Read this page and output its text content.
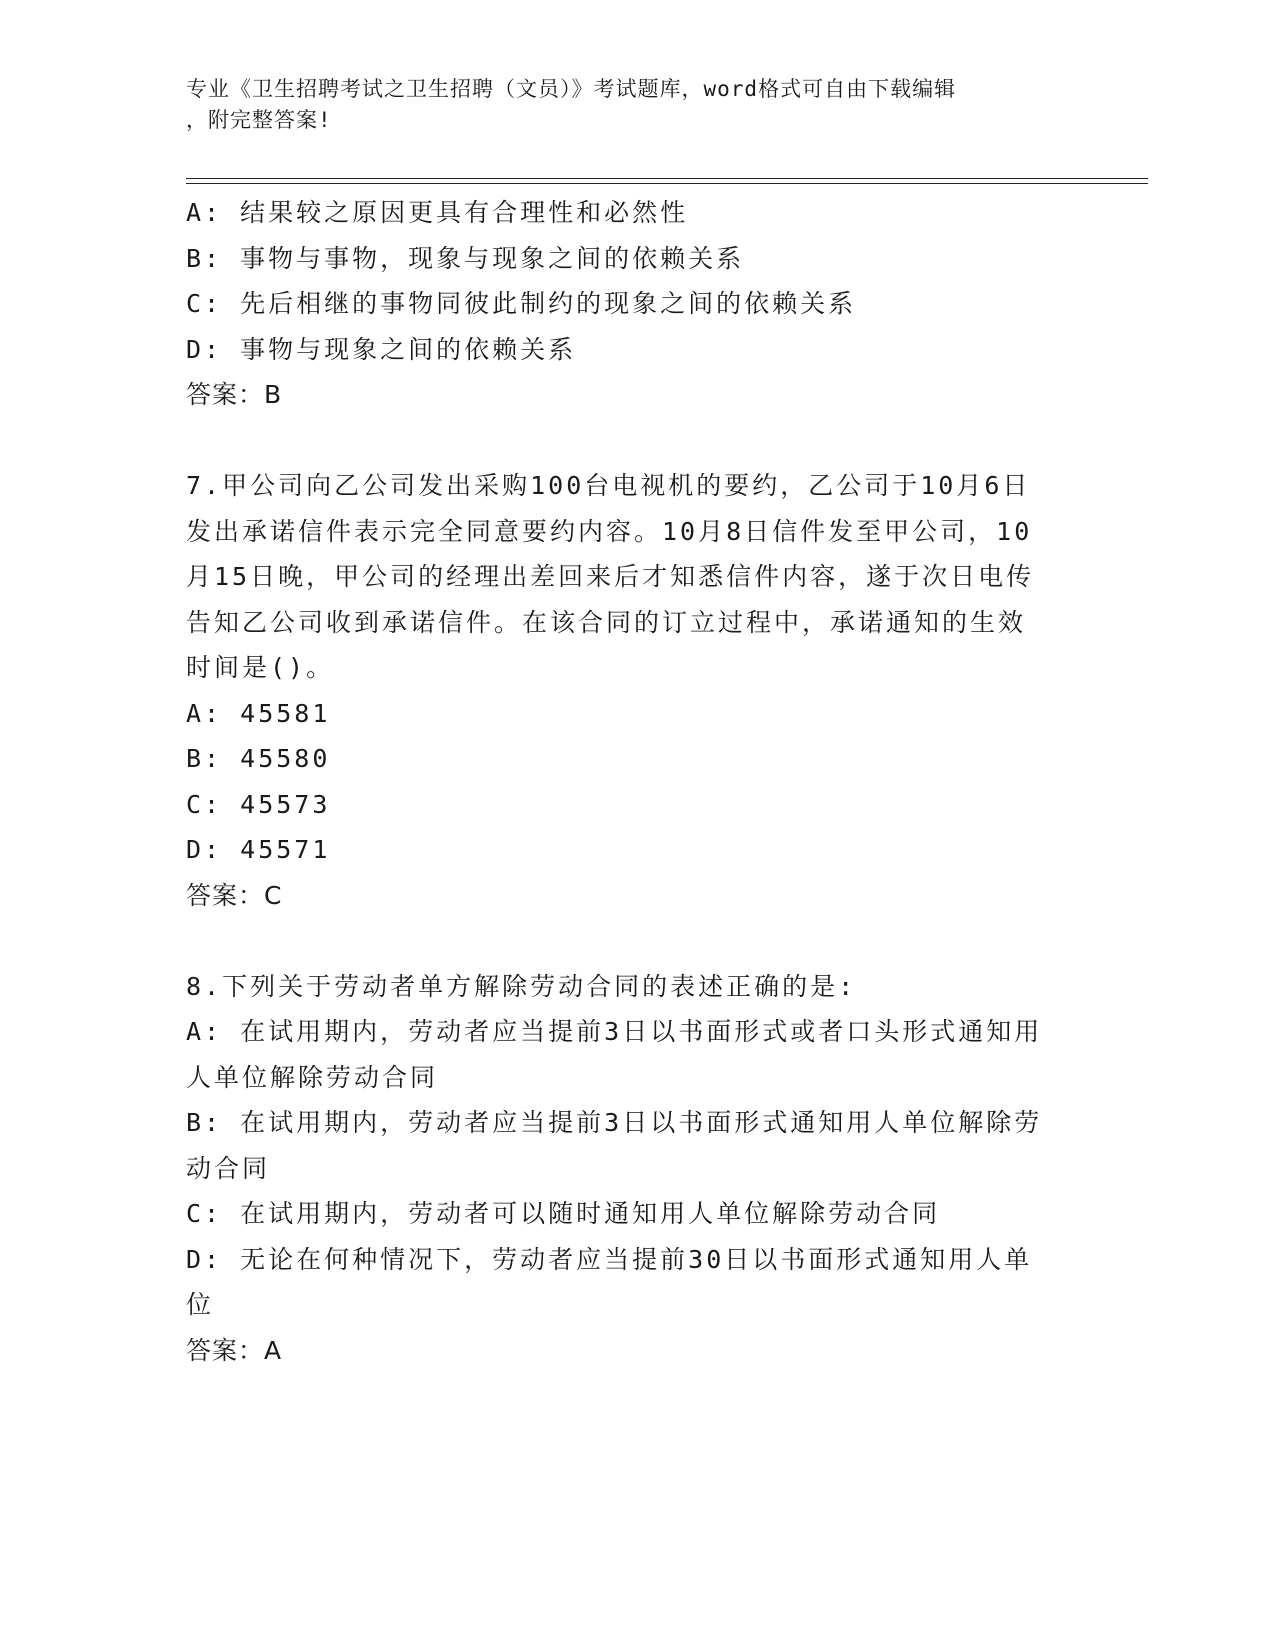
专业《卫生招聘考试之卫生招聘（文员）》考试题库，word格式可自由下载编辑
，附完整答案!
A: 结果较之原因更具有合理性和必然性
B: 事物与事物，现象与现象之间的依赖关系
C: 先后相继的事物同彼此制约的现象之间的依赖关系
D: 事物与现象之间的依赖关系
答案：B
7.甲公司向乙公司发出采购100台电视机的要约，乙公司于10月6日
发出承诺信件表示完全同意要约内容。10月8日信件发至甲公司，10
月15日晚，甲公司的经理出差回来后才知悉信件内容，遂于次日电传
告知乙公司收到承诺信件。在该合同的订立过程中，承诺通知的生效
时间是()。
A: 45581
B: 45580
C: 45573
D: 45571
答案：C
8.下列关于劳动者单方解除劳动合同的表述正确的是:
A: 在试用期内，劳动者应当提前3日以书面形式或者口头形式通知用
人单位解除劳动合同
B: 在试用期内，劳动者应当提前3日以书面形式通知用人单位解除劳
动合同
C: 在试用期内，劳动者可以随时通知用人单位解除劳动合同
D: 无论在何种情况下，劳动者应当提前30日以书面形式通知用人单
位
答案：A
